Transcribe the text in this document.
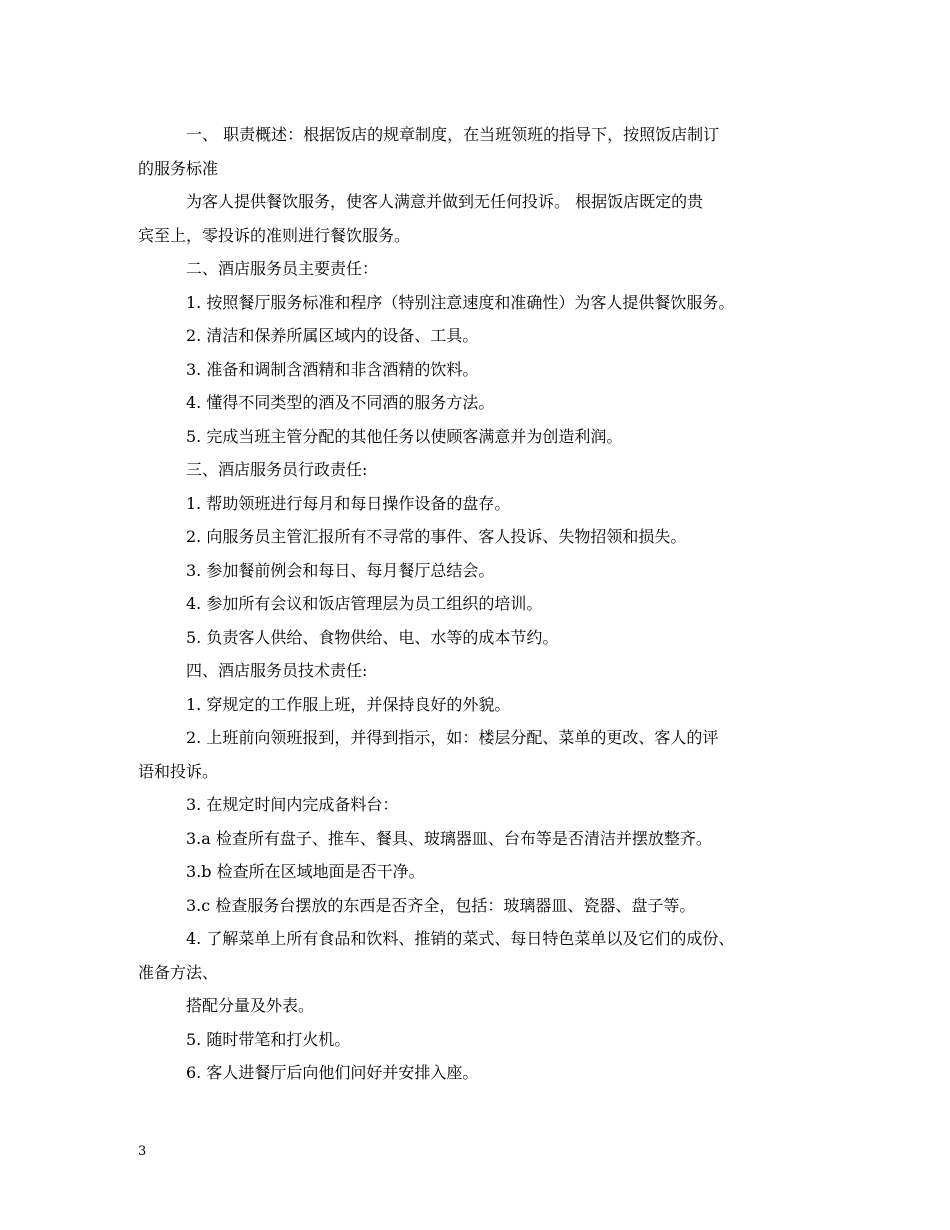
一、 职责概述：根据饭店的规章制度，在当班领班的指导下，按照饭店制订
的服务标准
为客人提供餐饮服务，使客人满意并做到无任何投诉。 根据饭店既定的贵
宾至上，零投诉的准则进行餐饮服务。
二、酒店服务员主要责任：
1. 按照餐厅服务标准和程序（特别注意速度和准确性）为客人提供餐饮服务。
2. 清洁和保养所属区域内的设备、工具。
3. 准备和调制含酒精和非含酒精的饮料。
4. 懂得不同类型的酒及不同酒的服务方法。
5. 完成当班主管分配的其他任务以使顾客满意并为创造利润。
三、酒店服务员行政责任:
1. 帮助领班进行每月和每日操作设备的盘存。
2. 向服务员主管汇报所有不寻常的事件、客人投诉、失物招领和损失。
3. 参加餐前例会和每日、每月餐厅总结会。
4. 参加所有会议和饭店管理层为员工组织的培训。
5. 负责客人供给、食物供给、电、水等的成本节约。
四、酒店服务员技术责任:
1. 穿规定的工作服上班，并保持良好的外貌。
2. 上班前向领班报到，并得到指示，如：楼层分配、菜单的更改、客人的评
语和投诉。
3. 在规定时间内完成备料台：
3.a 检查所有盘子、推车、餐具、玻璃器皿、台布等是否清洁并摆放整齐。
3.b 检查所在区域地面是否干净。
3.c 检查服务台摆放的东西是否齐全，包括：玻璃器皿、瓷器、盘子等。
4. 了解菜单上所有食品和饮料、推销的菜式、每日特色菜单以及它们的成份、
准备方法、
搭配分量及外表。
5. 随时带笔和打火机。
6. 客人进餐厅后向他们问好并安排入座。
3
